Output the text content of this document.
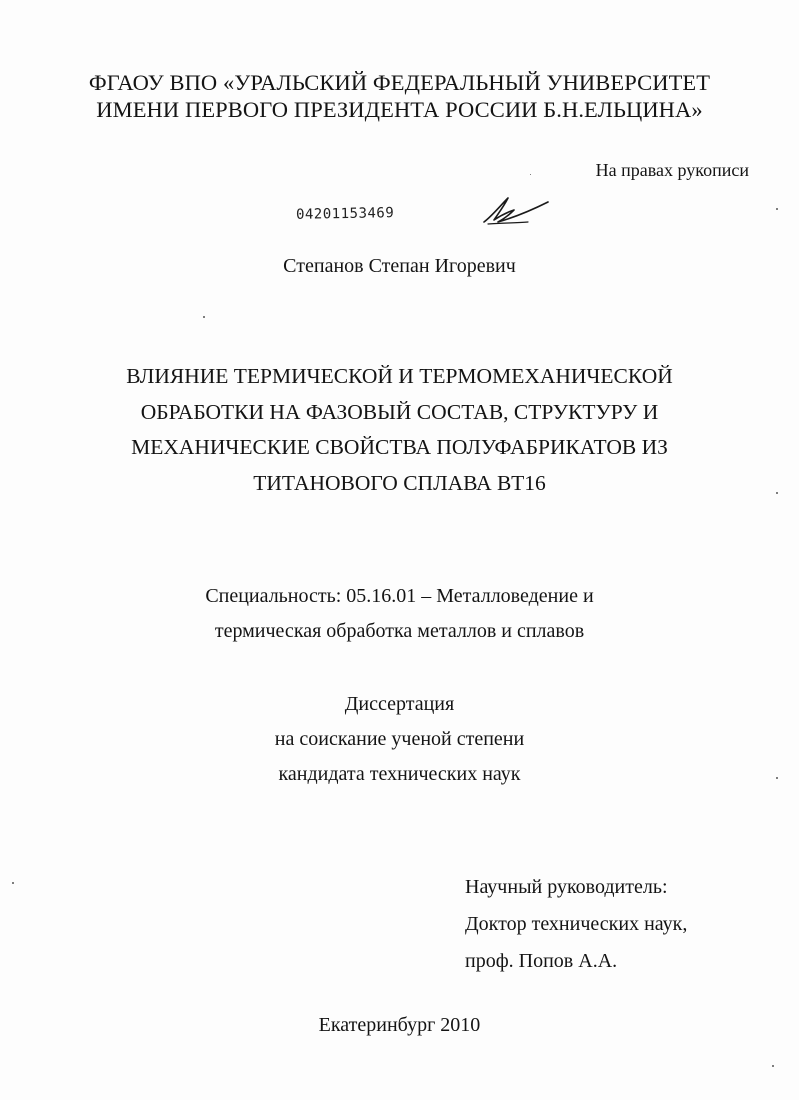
ФГАОУ ВПО «УРАЛЬСКИЙ ФЕДЕРАЛЬНЫЙ УНИВЕРСИТЕТ
ИМЕНИ ПЕРВОГО ПРЕЗИДЕНТА РОССИИ Б.Н.ЕЛЬЦИНА»
На правах рукописи
04201153469
Степанов Степан Игоревич
ВЛИЯНИЕ ТЕРМИЧЕСКОЙ И ТЕРМОМЕХАНИЧЕСКОЙ
ОБРАБОТКИ НА ФАЗОВЫЙ СОСТАВ, СТРУКТУРУ И
МЕХАНИЧЕСКИЕ СВОЙСТВА ПОЛУФАБРИКАТОВ ИЗ
ТИТАНОВОГО СПЛАВА ВТ16
Специальность: 05.16.01 – Металловедение и
термическая обработка металлов и сплавов
Диссертация
на соискание ученой степени
кандидата технических наук
Научный руководитель:
Доктор технических наук,
проф. Попов А.А.
Екатеринбург 2010
